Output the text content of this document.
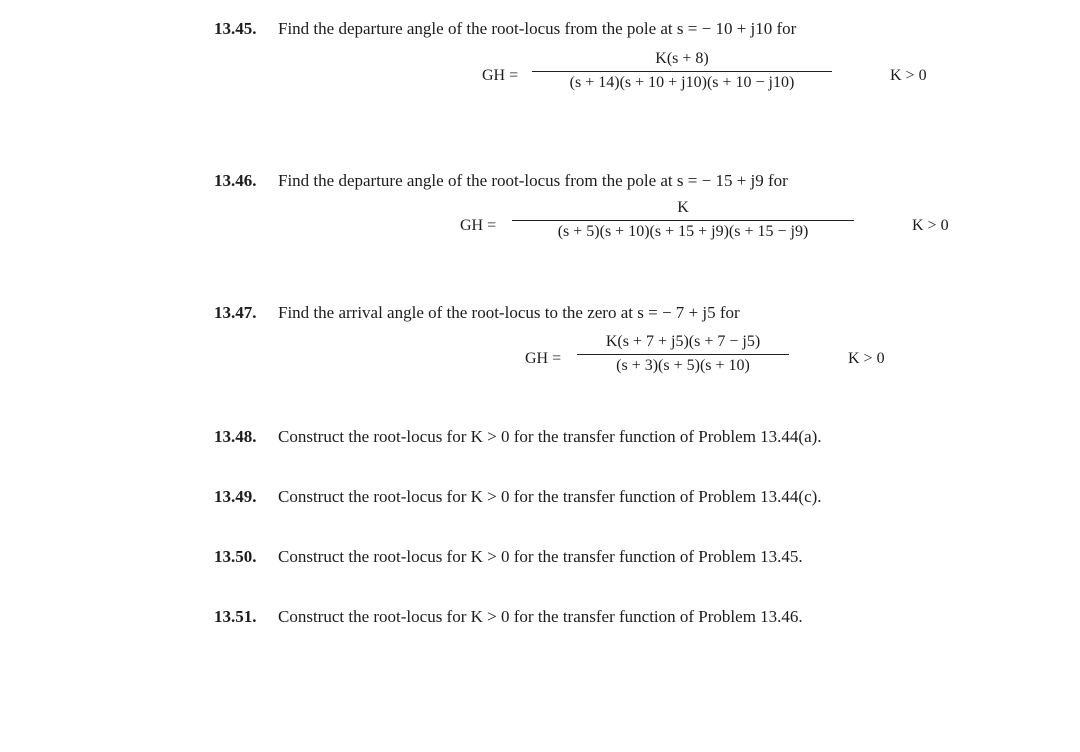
13.45. Find the departure angle of the root-locus from the pole at s = − 10 + j10 for
GH =
K(s + 8)
(s + 14)(s + 10 + j10)(s + 10 − j10)	K > 0
13.46. Find the departure angle of the root-locus from the pole at s = − 15 + j9 for
GH =
K
(s + 5)(s + 10)(s + 15 + j9)(s + 15 − j9)	K > 0
13.47. Find the arrival angle of the root-locus to the zero at s = − 7 + j5 for
GH =
K(s + 7 + j5)(s + 7 − j5)
(s + 3)(s + 5)(s + 10)	K > 0
13.48. Construct the root-locus for K > 0 for the transfer function of Problem 13.44(a).
13.49. Construct the root-locus for K > 0 for the transfer function of Problem 13.44(c).
13.50. Construct the root-locus for K > 0 for the transfer function of Problem 13.45.
13.51. Construct the root-locus for K > 0 for the transfer function of Problem 13.46.
